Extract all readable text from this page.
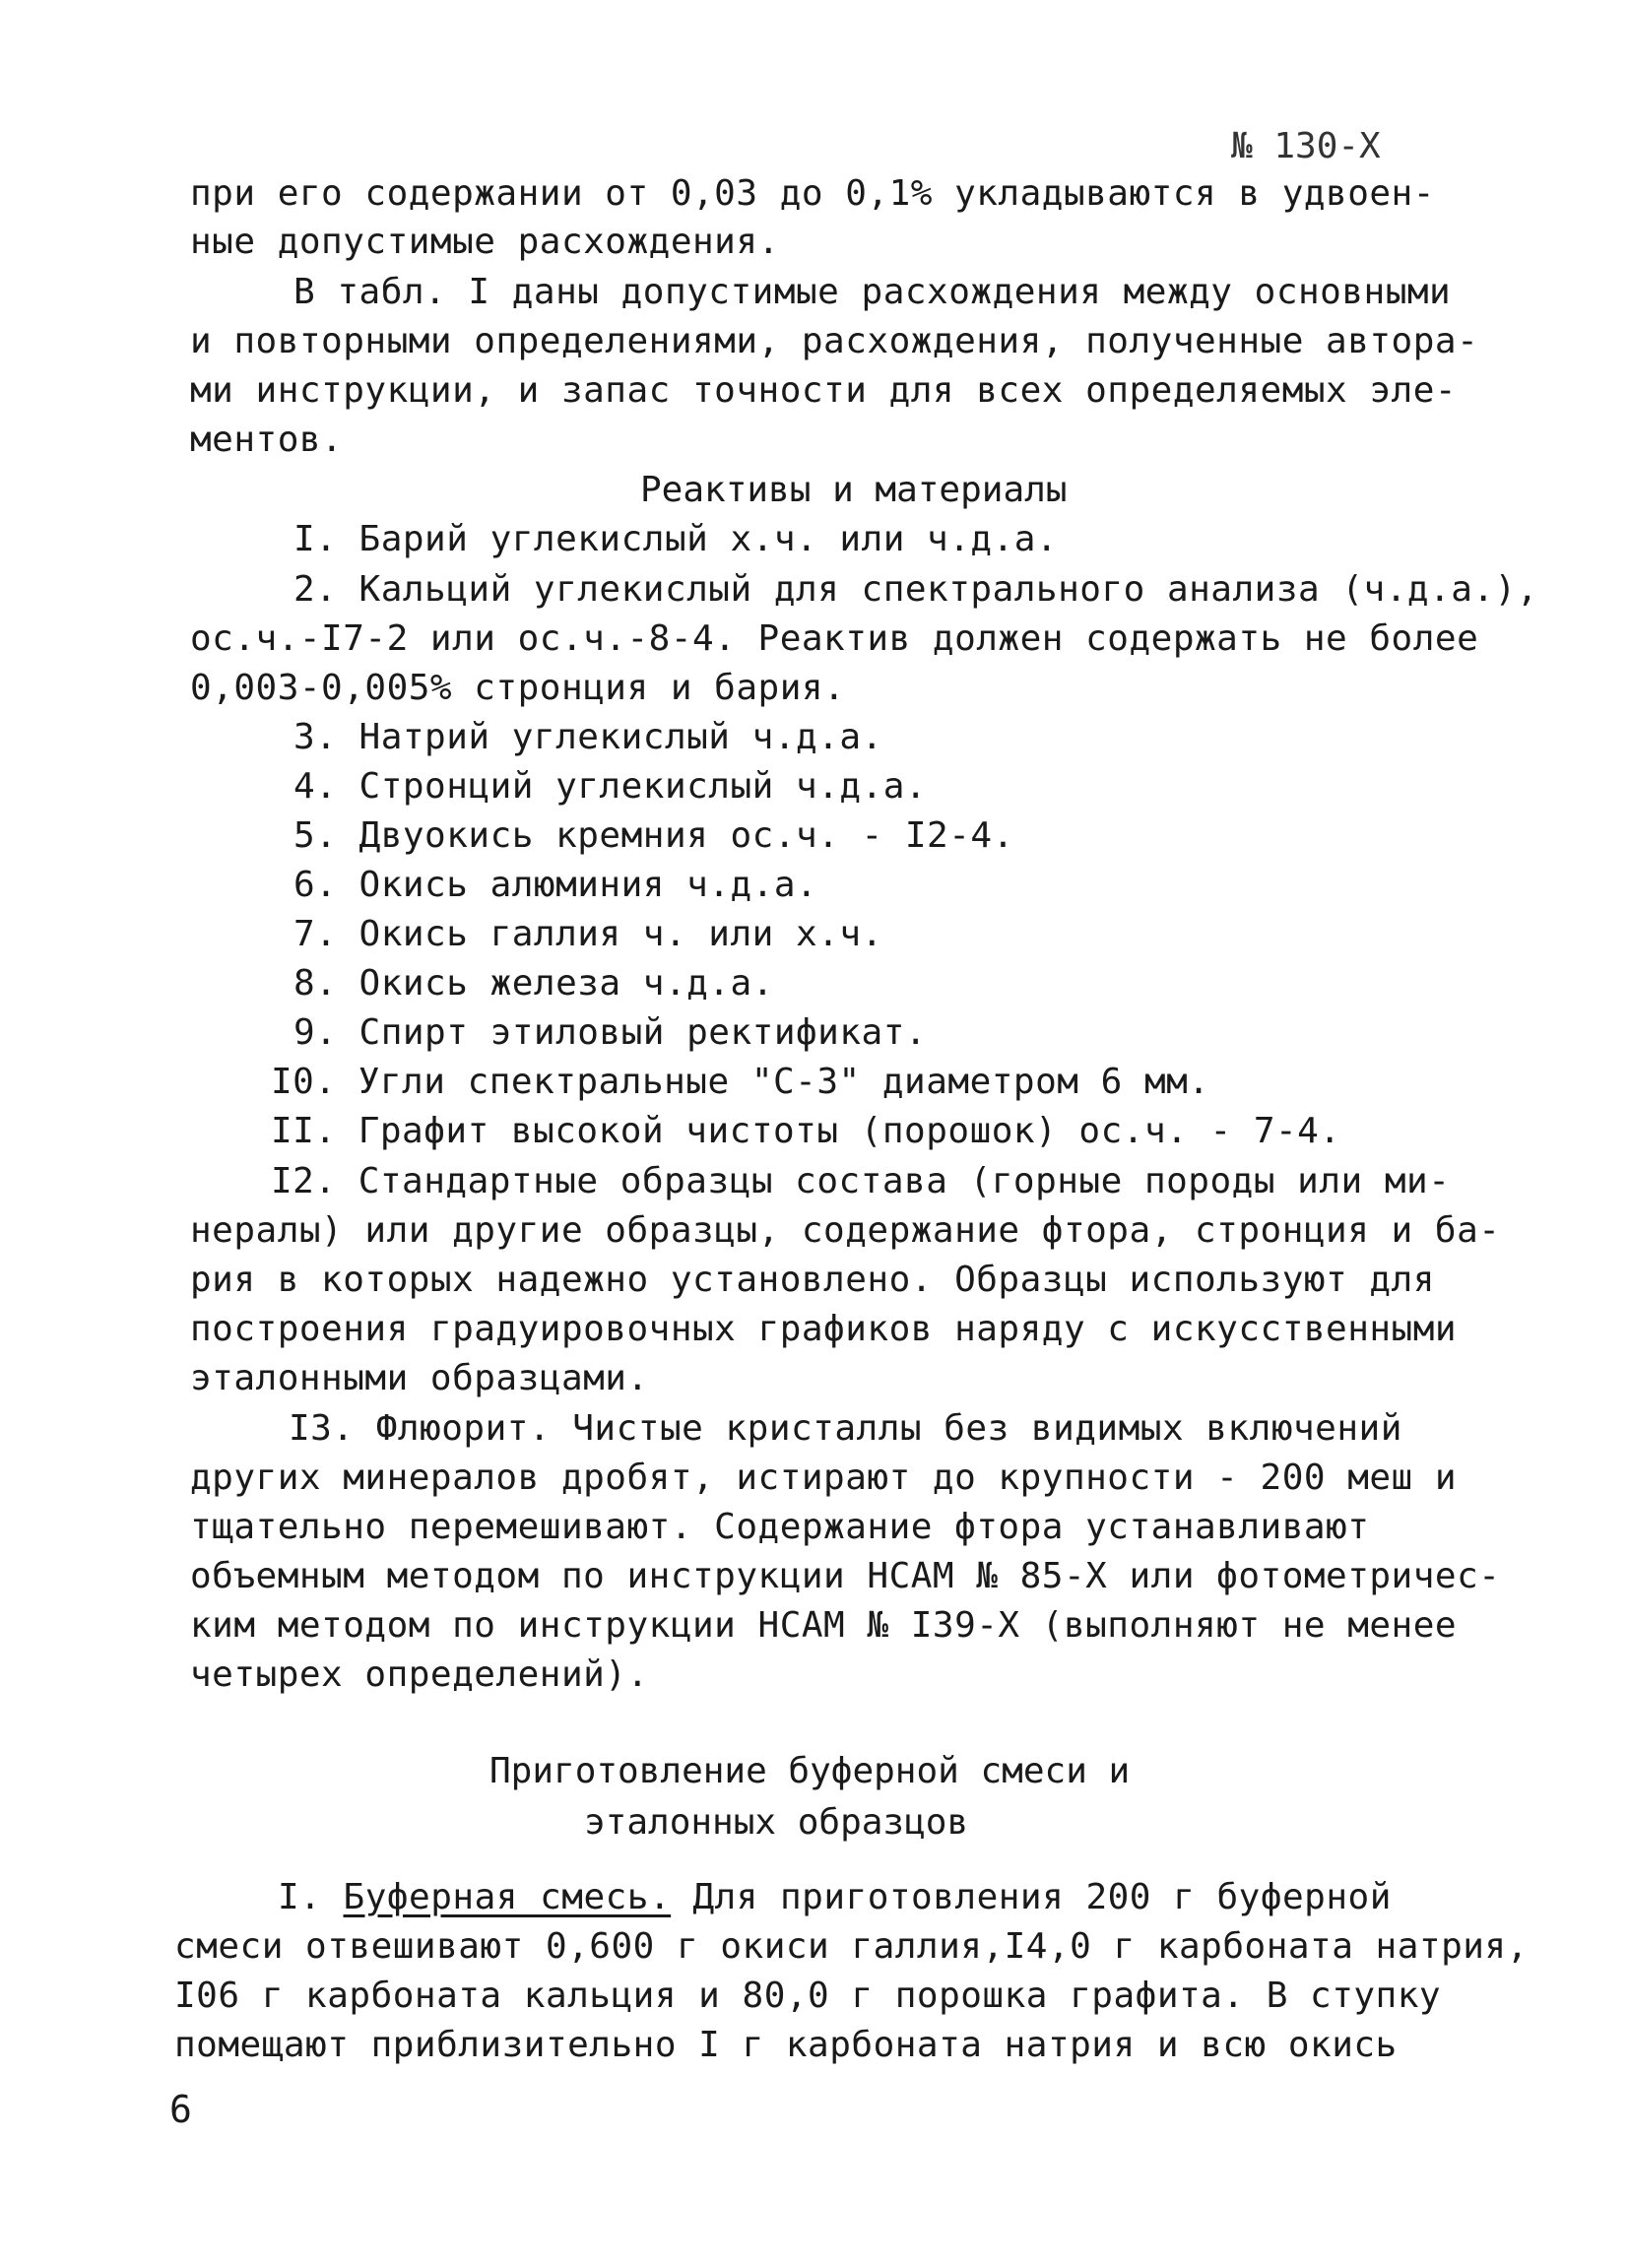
№ 130-Х
при его содержании от 0,03 до 0,1% укладываются в удвоен-
ные допустимые расхождения.
В табл. I даны допустимые расхождения между основными
и повторными определениями, расхождения, полученные автора-
ми инструкции, и запас точности для всех определяемых эле-
ментов.
Реактивы и материалы
I. Барий углекислый х.ч. или ч.д.а.
2. Кальций углекислый для спектрального анализа (ч.д.а.),
ос.ч.-I7-2 или ос.ч.-8-4. Реактив должен содержать не более
0,003-0,005% стронция и бария.
3. Натрий углекислый ч.д.а.
4. Стронций углекислый ч.д.а.
5. Двуокись кремния ос.ч. - I2-4.
6. Окись алюминия ч.д.а.
7. Окись галлия ч. или х.ч.
8. Окись железа ч.д.а.
9. Спирт этиловый ректификат.
I0. Угли спектральные "С-3" диаметром 6 мм.
II. Графит высокой чистоты (порошок) ос.ч. - 7-4.
I2. Стандартные образцы состава (горные породы или ми-
нералы) или другие образцы, содержание фтора, стронция и ба-
рия в которых надежно установлено. Образцы используют для
построения градуировочных графиков наряду с искусственными
эталонными образцами.
I3. Флюорит. Чистые кристаллы без видимых включений
других минералов дробят, истирают до крупности - 200 меш и
тщательно перемешивают. Содержание фтора устанавливают
объемным методом по инструкции НСАМ № 85-Х или фотометричес-
ким методом по инструкции НСАМ № I39-Х (выполняют не менее
четырех определений).
Приготовление буферной смеси и
эталонных образцов
I. Буферная смесь. Для приготовления 200 г буферной
смеси отвешивают 0,600 г окиси галлия,I4,0 г карбоната натрия,
I06 г карбоната кальция и 80,0 г порошка графита. В ступку
помещают приблизительно I г карбоната натрия и всю окись
6
